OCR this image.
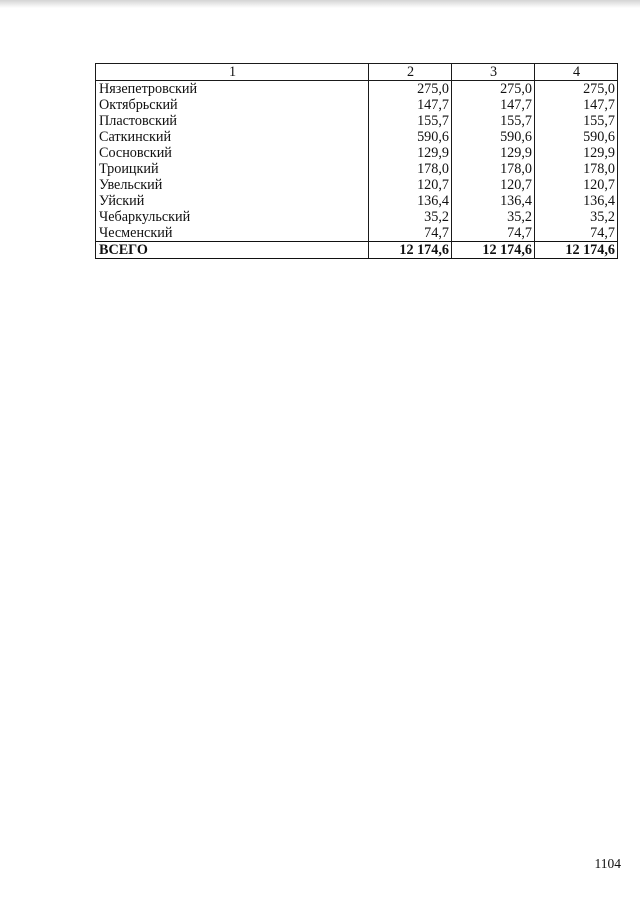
1	2	3	4
Нязепетровский	275,0	275,0	275,0
Октябрьский	147,7	147,7	147,7
Пластовский	155,7	155,7	155,7
Саткинский	590,6	590,6	590,6
Сосновский	129,9	129,9	129,9
Троицкий	178,0	178,0	178,0
Увельский	120,7	120,7	120,7
Уйский	136,4	136,4	136,4
Чебаркульский	35,2	35,2	35,2
Чесменский	74,7	74,7	74,7
ВСЕГО	12 174,6	12 174,6	12 174,6
1104
